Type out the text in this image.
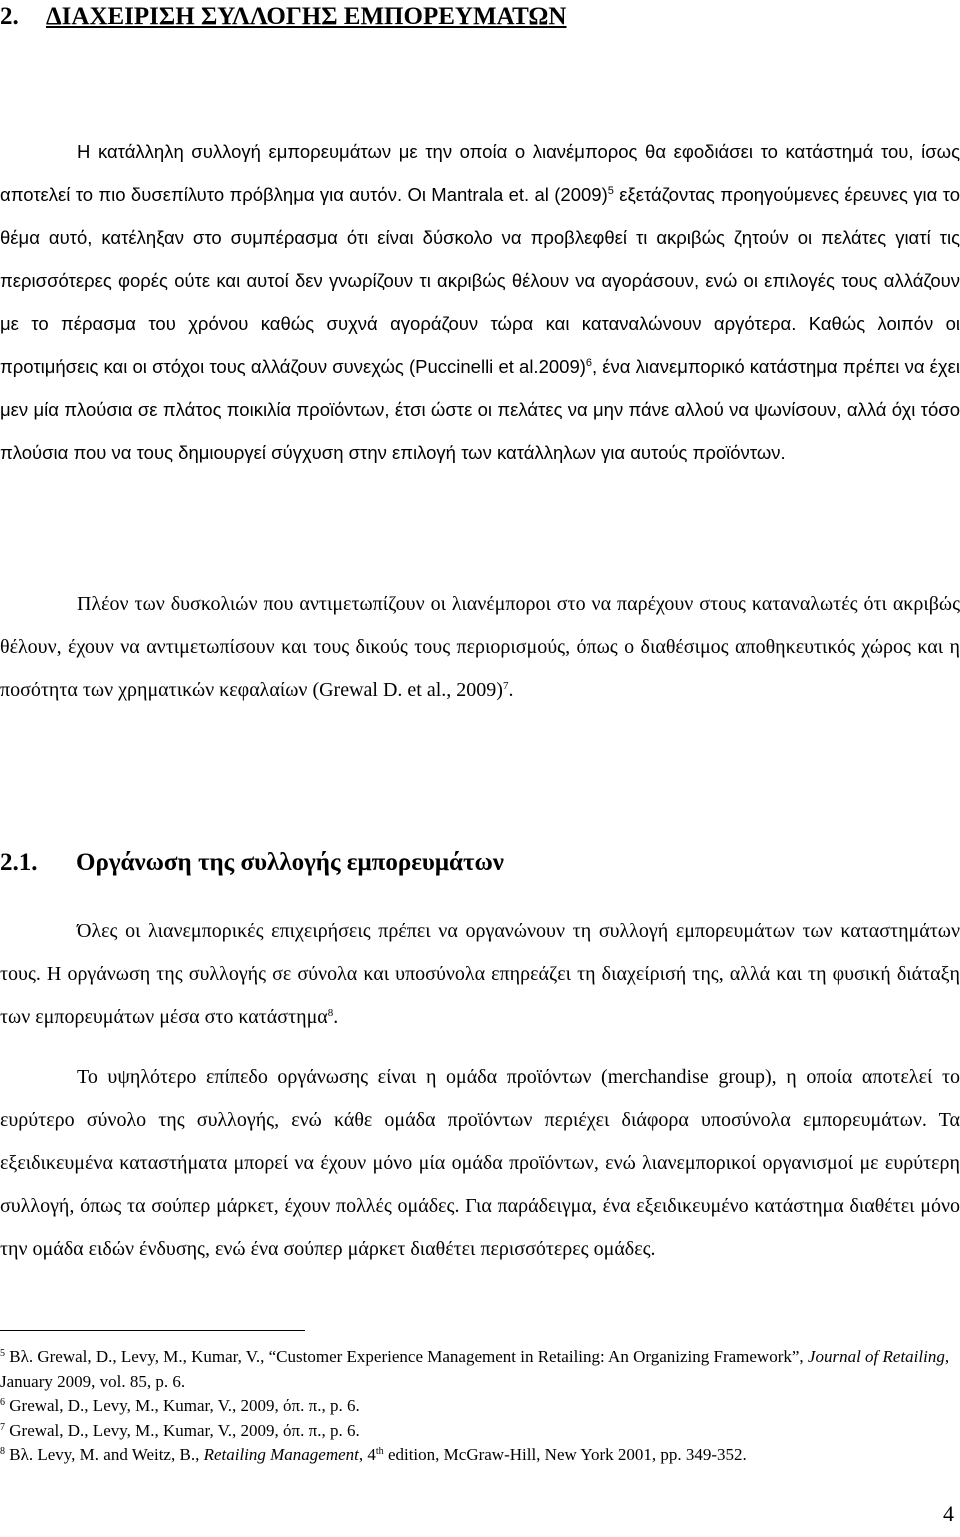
2. ΔΙΑΧΕΙΡΙΣΗ ΣΥΛΛΟΓΗΣ ΕΜΠΟΡΕΥΜΑΤΩΝ

Η κατάλληλη συλλογή εμπορευμάτων με την οποία ο λιανέμπορος θα εφοδιάσει το κατάστημά του, ίσως αποτελεί το πιο δυσεπίλυτο πρόβλημα για αυτόν. Οι Mantrala et. al $(2009)^5$ εξετάζοντας προηγούμενες έρευνες για το θέμα αυτό, κατέληξαν στο συμπέρασμα ότι είναι δύσκολο να προβλεφθεί τι ακριβώς ζητούν οι πελάτες γιατί τις περισσότερες φορές ούτε και αυτοί δεν γνωρίζουν τι ακριβώς θέλουν να αγοράσουν, ενώ οι επιλογές τους αλλάζουν με το πέρασμα του χρόνου καθώς συχνά αγοράζουν τώρα και καταναλώνουν αργότερα. Καθώς λοιπόν οι προτιμήσεις και οι στόχοι τους αλλάζουν συνεχώς (Puccinelli et al.2009)$^6$, ένα λιανεμπορικό κατάστημα πρέπει να έχει μεν μία πλούσια σε πλάτος ποικιλία προϊόντων, έτσι ώστε οι πελάτες να μην πάνε αλλού να ψωνίσουν, αλλά όχι τόσο πλούσια που να τους δημιουργεί σύγχυση στην επιλογή των κατάλληλων για αυτούς προϊόντων.

Πλέον των δυσκολιών που αντιμετωπίζουν οι λιανέμποροι στο να παρέχουν στους καταναλωτές ότι ακριβώς θέλουν, έχουν να αντιμετωπίσουν και τους δικούς τους περιορισμούς, όπως ο διαθέσιμος αποθηκευτικός χώρος και η ποσότητα των χρηματικών κεφαλαίων (Grewal D. et al., 2009)$^7$.

2.1. Οργάνωση της συλλογής εμπορευμάτων

Όλες οι λιανεμπορικές επιχειρήσεις πρέπει να οργανώνουν τη συλλογή εμπορευμάτων των καταστημάτων τους. Η οργάνωση της συλλογής σε σύνολα και υποσύνολα επηρεάζει τη διαχείρισή της, αλλά και τη φυσική διάταξη των εμπορευμάτων μέσα στο κατάστημα$^8$.

Το υψηλότερο επίπεδο οργάνωσης είναι η ομάδα προϊόντων (merchandise group), η οποία αποτελεί το ευρύτερο σύνολο της συλλογής, ενώ κάθε ομάδα προϊόντων περιέχει διάφορα υποσύνολα εμπορευμάτων. Τα εξειδικευμένα καταστήματα μπορεί να έχουν μόνο μία ομάδα προϊόντων, ενώ λιανεμπορικοί οργανισμοί με ευρύτερη συλλογή, όπως τα σούπερ μάρκετ, έχουν πολλές ομάδες. Για παράδειγμα, ένα εξειδικευμένο κατάστημα διαθέτει μόνο την ομάδα ειδών ένδυσης, ενώ ένα σούπερ μάρκετ διαθέτει περισσότερες ομάδες.

$^5$ Βλ. Grewal, D., Levy, M., Kumar, V., “Customer Experience Management in Retailing: An Organizing Framework”, Journal of Retailing, January 2009, vol. 85, p. 6.

$^6$ Grewal, D., Levy, M., Kumar, V., 2009, όπ. π., p. 6.

$^7$ Grewal, D., Levy, M., Kumar, V., 2009, όπ. π., p. 6.

$^8$ Βλ. Levy, M. and Weitz, B., Retailing Management, 4th edition, McGraw-Hill, New York 2001, pp. 349-352.

4
